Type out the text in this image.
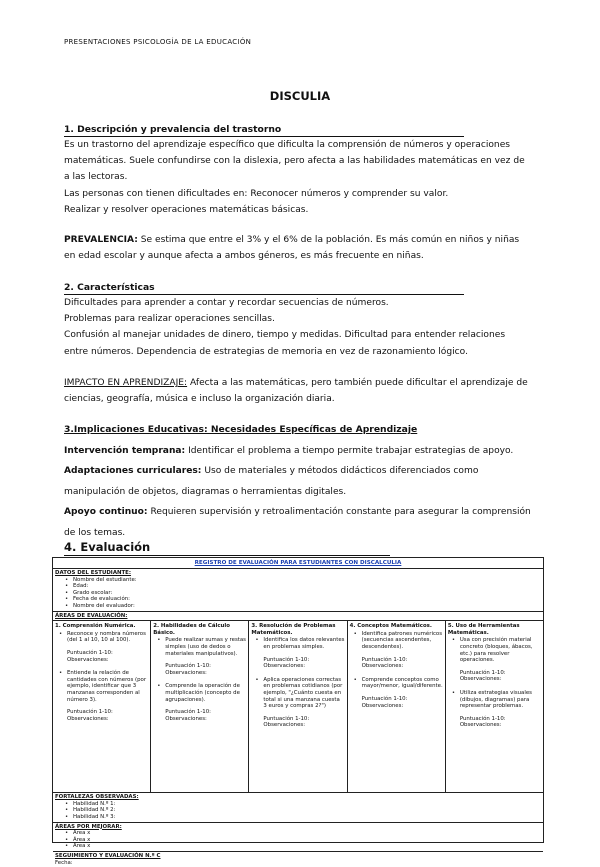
PRESENTACIONES PSICOLOGÍA DE LA EDUCACIÓN
DISCULIA
1. Descripción y prevalencia del trastorno

Es un trastorno del aprendizaje específico que dificulta la comprensión de números y operaciones matemáticas. Suele confundirse con la dislexia, pero afecta a las habilidades matemáticas en vez de a las lectoras.

Las personas con tienen dificultades en: Reconocer números y comprender su valor.

Realizar y resolver operaciones matemáticas básicas.

PREVALENCIA: Se estima que entre el 3% y el 6% de la población. Es más común en niños y niñas en edad escolar y aunque afecta a ambos géneros, es más frecuente en niñas.

2. Características

Dificultades para aprender a contar y recordar secuencias de números.

Problemas para realizar operaciones sencillas.

Confusión al manejar unidades de dinero, tiempo y medidas. Dificultad para entender relaciones entre números. Dependencia de estrategias de memoria en vez de razonamiento lógico.

IMPACTO EN APRENDIZAJE: Afecta a las matemáticas, pero también puede dificultar el aprendizaje de ciencias, geografía, música e incluso la organización diaria.

3.Implicaciones Educativas: Necesidades Específicas de Aprendizaje

Intervención temprana: Identificar el problema a tiempo permite trabajar estrategias de apoyo.

Adaptaciones curriculares: Uso de materiales y métodos didácticos diferenciados como manipulación de objetos, diagramas o herramientas digitales.

Apoyo continuo: Requieren supervisión y retroalimentación constante para asegurar la comprensión de los temas.

4. Evaluación
REGISTRO DE EVALUACIÓN PARA ESTUDIANTES CON DISCALCULIA
DATOS DEL ESTUDIANTE:
• Nombre del estudiante:
• Edad:
• Grado escolar:
• Fecha de evaluación:
• Nombre del evaluador:
ÁREAS DE EVALUACIÓN:
1. Comprensión Numérica.
• Reconoce y nombra números (del 1 al 10, 10 al 100).
Puntuación 1-10:
Observaciones:
• Entiende la relación de cantidades con números (por ejemplo, identificar que 3 manzanas corresponden al número 3).
Puntuación 1-10:
Observaciones:
2. Habilidades de Cálculo Básico.
• Puede realizar sumas y restas simples (uso de dedos o materiales manipulativos).
Puntuación 1-10:
Observaciones:
• Comprende la operación de multiplicación (concepto de agrupaciones).
Puntuación 1-10:
Observaciones:
3. Resolución de Problemas Matemáticos.
• Identifica los datos relevantes en problemas simples.
Puntuación 1-10:
Observaciones:
• Aplica operaciones correctas en problemas cotidianos (por ejemplo, "¿Cuánto cuesta en total si una manzana cuesta 3 euros y compras 2?")
Puntuación 1-10:
Observaciones:
4. Conceptos Matemáticos.
• Identifica patrones numéricos (secuencias ascendentes, descendentes).
Puntuación 1-10:
Observaciones:
• Comprende conceptos como mayor/menor, igual/diferente.
Puntuación 1-10:
Observaciones:
5. Uso de Herramientas Matemáticas.
• Usa con precisión material concreto (bloques, ábacos, etc.) para resolver operaciones.
Puntuación 1-10:
Observaciones:
• Utiliza estrategias visuales (dibujos, diagramas) para representar problemas.
Puntuación 1-10:
Observaciones:
FORTALEZAS OBSERVADAS:
• Habilidad N.º 1:
• Habilidad N.º 2:
• Habilidad N.º 3:
ÁREAS POR MEJORAR:
• Área x
• Área x
• Área x
SEGUIMIENTO Y EVALUACIÓN N.º C
Fecha:
